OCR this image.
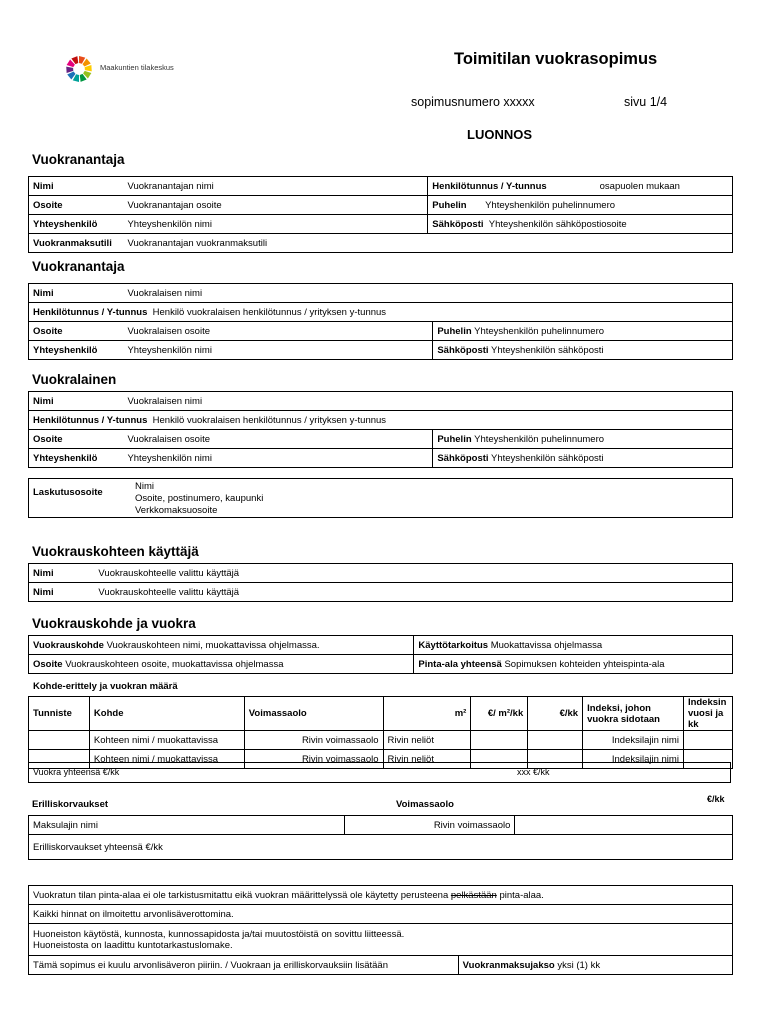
Maakuntien tilakeskus	Toimitilan vuokrasopimus
sopimusnumero xxxxx	sivu 1/4
LUONNOS
Vuokranantaja
Nimi	Vuokranantajan nimi	Henkilötunnus / Y-tunnus	osapuolen mukaan
Osoite	Vuokranantajan osoite	Puhelin Yhteyshenkilön puhelinnumero	
Yhteyshenkilö	Yhteyshenkilön nimi	Sähköposti Yhteyshenkilön sähköpostiosoite	
Vuokranmaksutili	Vuokranantajan vuokranmaksutili		
Vuokranantaja
Nimi	Vuokralaisen nimi	
Henkilötunnus / Y-tunnus Henkilö vuokralaisen henkilötunnus / yrityksen y-tunnus		
Osoite	Vuokralaisen osoite	Puhelin Yhteyshenkilön puhelinnumero
Yhteyshenkilö	Yhteyshenkilön nimi	Sähköposti Yhteyshenkilön sähköposti
Vuokralainen
Nimi	Vuokralaisen nimi	
Henkilötunnus / Y-tunnus Henkilö vuokralaisen henkilötunnus / yrityksen y-tunnus		
Osoite	Vuokralaisen osoite	Puhelin Yhteyshenkilön puhelinnumero
Yhteyshenkilö	Yhteyshenkilön nimi	Sähköposti Yhteyshenkilön sähköposti
Laskutusosoite
Nimi
Osoite, postinumero, kaupunki
Verkkomaksuosoite
Vuokrauskohteen käyttäjä
Nimi	Vuokrauskohteelle valittu käyttäjä
Nimi	Vuokrauskohteelle valittu käyttäjä
Vuokrauskohde ja vuokra
Vuokrauskohde Vuokrauskohteen nimi, muokattavissa ohjelmassa.	Käyttötarkoitus Muokattavissa ohjelmassa
Osoite Vuokrauskohteen osoite, muokattavissa ohjelmassa	Pinta-ala yhteensä Sopimuksen kohteiden yhteispinta-ala
Kohde-erittely ja vuokran määrä
Tunniste	Kohde	Voimassaolo	m²	€/ m²/kk	€/kk	Indeksi, johon vuokra sidotaan	Indeksin vuosi ja kk
	Kohteen nimi / muokattavissa	Rivin voimassaolo	Rivin neliöt			Indeksilajin nimi	
	Kohteen nimi / muokattavissa	Rivin voimassaolo	Rivin neliöt			Indeksilajin nimi	
Vuokra yhteensä €/kk	xxx €/kk
Erilliskorvaukset	Voimassaolo	€/kk
Maksulajin nimi	Rivin voimassaolo	
Erilliskorvaukset yhteensä €/kk
Vuokratun tilan pinta-alaa ei ole tarkistusmitattu eikä vuokran määrittelyssä ole käytetty perusteena pelkästään pinta-alaa.
Kaikki hinnat on ilmoitettu arvonlisäverottomina.

Huoneiston käytöstä, kunnosta, kunnossapidosta ja/tai muutostöistä on sovittu liitteessä.
Huoneistosta on laadittu kuntotarkastuslomake.

Tämä sopimus ei kuulu arvonlisäveron piiriin. / Vuokraan ja erilliskorvauksiin lisätään	Vuokranmaksujakso yksi (1) kk
